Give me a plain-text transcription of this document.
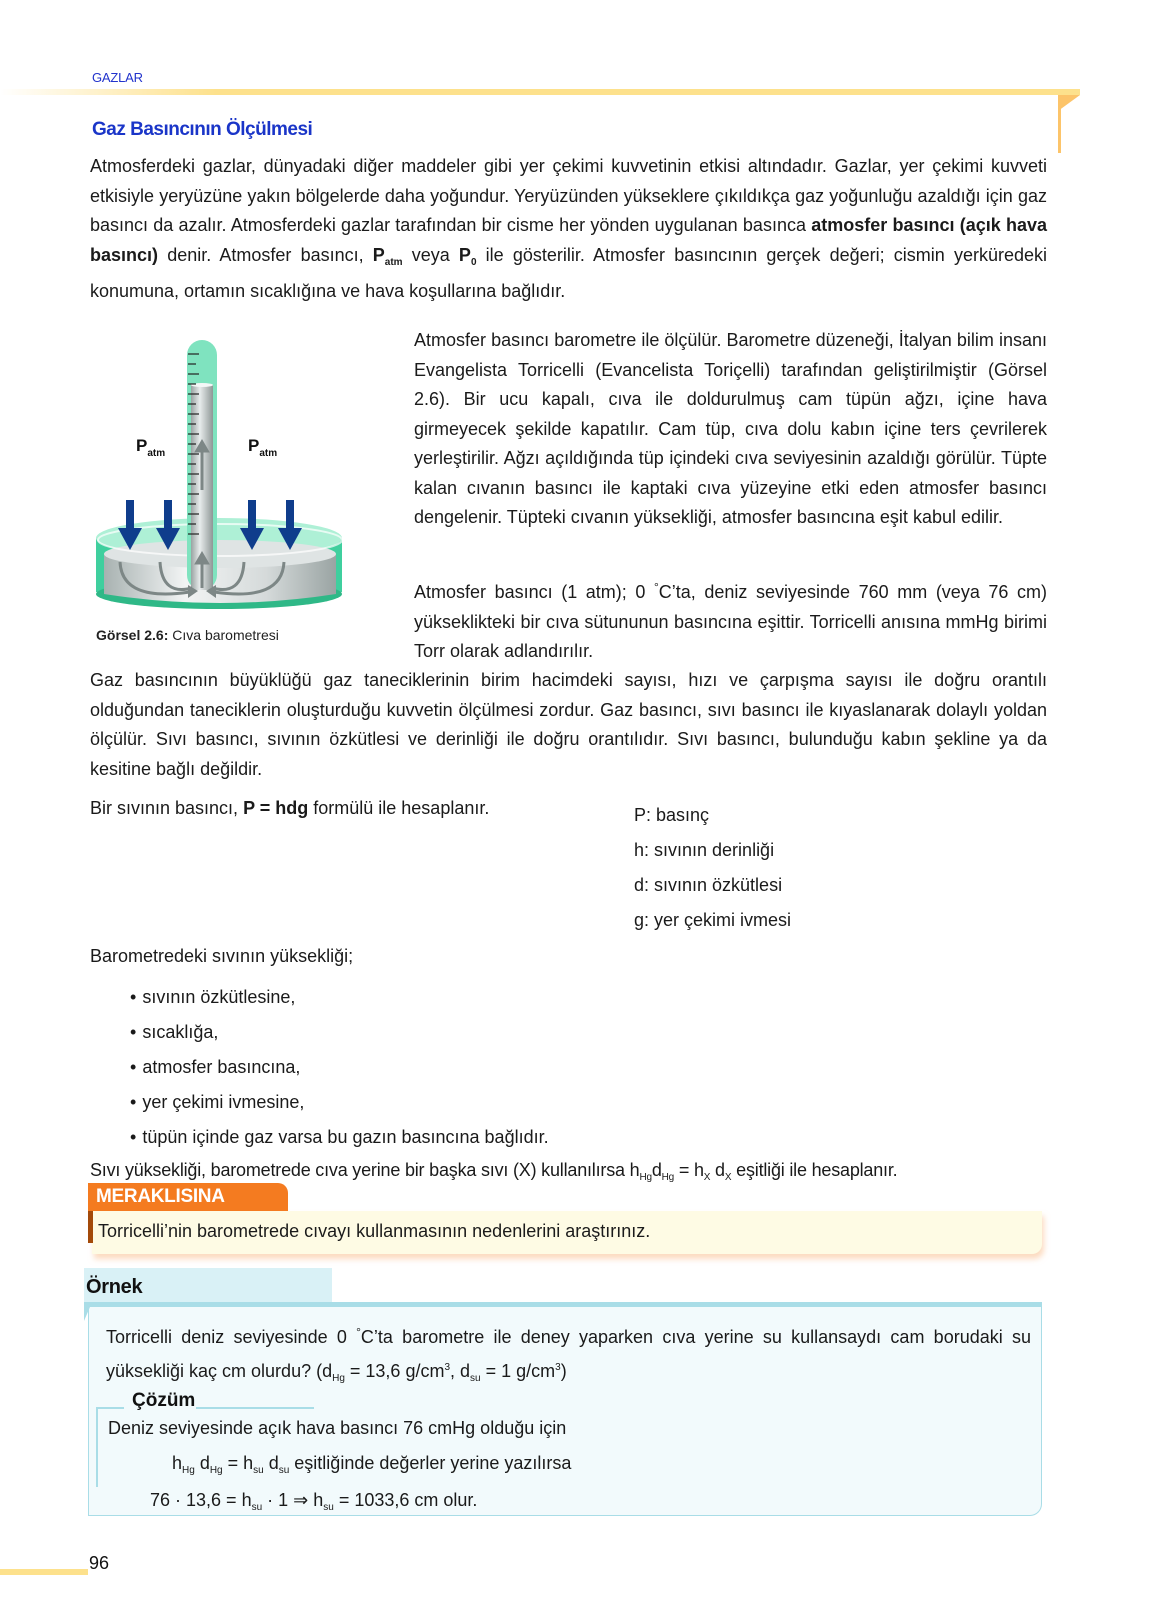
GAZLAR
Gaz Basıncının Ölçülmesi

Atmosferdeki gazlar, dünyadaki diğer maddeler gibi yer çekimi kuvvetinin etkisi altındadır. Gazlar, yer çekimi kuvveti etkisiyle yeryüzüne yakın bölgelerde daha yoğundur. Yeryüzünden yükseklere çıkıldıkça gaz yoğunluğu azaldığı için gaz basıncı da azalır. Atmosferdeki gazlar tarafından bir cisme her yönden uygulanan basınca atmosfer basıncı (açık hava basıncı) denir. Atmosfer basıncı, $P_{atm}$ veya $P_0$ ile gösterilir. Atmosfer basıncının gerçek değeri; cismin yerküredeki konumuna, ortamın sıcaklığına ve hava koşullarına bağlıdır.

$P_{atm}$	$P_{atm}$
Görsel 2.6: Cıva barometresi

Atmosfer basıncı barometre ile ölçülür. Barometre düzeneği, İtalyan bilim insanı Evangelista Torricelli (Evancelista Toriçelli) tarafından geliştirilmiştir (Görsel 2.6). Bir ucu kapalı, cıva ile doldurulmuş cam tüpün ağzı, içine hava girmeyecek şekilde kapatılır. Cam tüp, cıva dolu kabın içine ters çevrilerek yerleştirilir. Ağzı açıldığında tüp içindeki cıva seviyesinin azaldığı görülür. Tüpte kalan cıvanın basıncı ile kaptaki cıva yüzeyine etki eden atmosfer basıncı dengelenir. Tüpteki cıvanın yüksekliği, atmosfer basıncına eşit kabul edilir.

Atmosfer basıncı (1 atm); 0 °C’ta, deniz seviyesinde 760 mm (veya 76 cm) yükseklikteki bir cıva sütununun basıncına eşittir. Torricelli anısına mmHg birimi Torr olarak adlandırılır.

Gaz basıncının büyüklüğü gaz taneciklerinin birim hacimdeki sayısı, hızı ve çarpışma sayısı ile doğru orantılı olduğundan taneciklerin oluşturduğu kuvvetin ölçülmesi zordur. Gaz basıncı, sıvı basıncı ile kıyaslanarak dolaylı yoldan ölçülür. Sıvı basıncı, sıvının özkütlesi ve derinliği ile doğru orantılıdır. Sıvı basıncı, bulunduğu kabın şekline ya da kesitine bağlı değildir.

Bir sıvının basıncı, P = hdg formülü ile hesaplanır.	P: basınç
h: sıvının derinliği
d: sıvının özkütlesi
g: yer çekimi ivmesi
Barometredeki sıvının yüksekliği;
• sıvının özkütlesine,
• sıcaklığa,
• atmosfer basıncına,
• yer çekimi ivmesine,
• tüpün içinde gaz varsa bu gazın basıncına bağlıdır.

Sıvı yüksekliği, barometrede cıva yerine bir başka sıvı (X) kullanılırsa $h_{Hg}d_{Hg} = h_X$ $d_X$ eşitliği ile hesaplanır.

MERAKLISINA
Torricelli’nin barometrede cıvayı kullanmasının nedenlerini araştırınız.
Örnek

Torricelli deniz seviyesinde 0 °C’ta barometre ile deney yaparken cıva yerine su kullansaydı cam borudaki su yüksekliği kaç cm olurdu? ($d_{Hg} = 13,6$ $g/cm^3$, $d_{su} = 1$ $g/cm^3$)

Çözüm
Deniz seviyesinde açık hava basıncı 76 cmHg olduğu için
$h_{Hg}$ $d_{Hg} = h_{su}$ $d_{su}$ eşitliğinde değerler yerine yazılırsa
$76 \cdot 13,6 = h_{su} \cdot 1$ ⇒ $h_{su} = 1033,6$ cm olur.
96
